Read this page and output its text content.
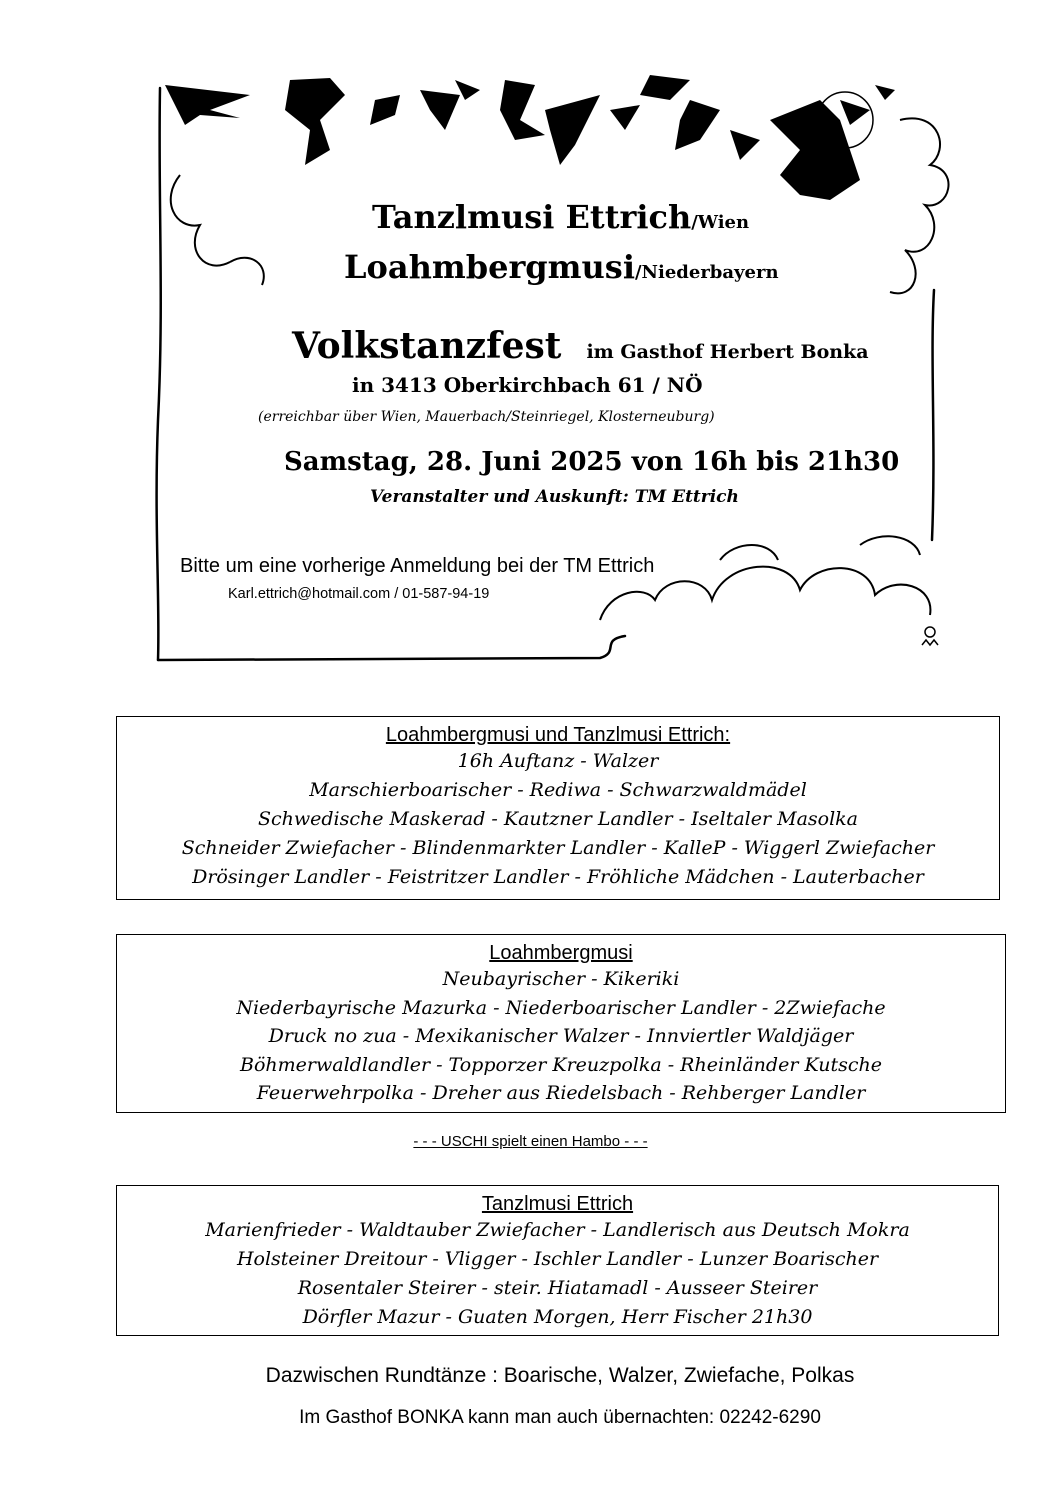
Tanzlmusi Ettrich/Wien
Loahmbergmusi/Niederbayern
Volkstanzfest im Gasthof Herbert Bonka
in 3413 Oberkirchbach 61 / NÖ
(erreichbar über Wien, Mauerbach/Steinriegel, Klosterneuburg)
Samstag, 28. Juni 2025 von 16h bis 21h30
Veranstalter und Auskunft: TM Ettrich
Bitte um eine vorherige Anmeldung bei der TM Ettrich
Karl.ettrich@hotmail.com / 01-587-94-19
Loahmbergmusi und Tanzlmusi Ettrich:
16h Auftanz - Walzer
Marschierboarischer - Rediwa - Schwarzwaldmädel
Schwedische Maskerad - Kautzner Landler - Iseltaler Masolka
Schneider Zwiefacher - Blindenmarkter Landler - KalleP - Wiggerl Zwiefacher
Drösinger Landler - Feistritzer Landler - Fröhliche Mädchen - Lauterbacher
Loahmbergmusi
Neubayrischer - Kikeriki
Niederbayrische Mazurka - Niederboarischer Landler - 2Zwiefache
Druck no zua - Mexikanischer Walzer - Innviertler Waldjäger
Böhmerwaldlandler - Topporzer Kreuzpolka - Rheinländer Kutsche
Feuerwehrpolka - Dreher aus Riedelsbach - Rehberger Landler
- - - USCHI spielt einen Hambo - - -
Tanzlmusi Ettrich
Marienfrieder - Waldtauber Zwiefacher - Landlerisch aus Deutsch Mokra
Holsteiner Dreitour - Vligger - Ischler Landler - Lunzer Boarischer
Rosentaler Steirer - steir. Hiatamadl - Ausseer Steirer
Dörfler Mazur - Guaten Morgen, Herr Fischer 21h30
Dazwischen Rundtänze : Boarische, Walzer, Zwiefache, Polkas
Im Gasthof BONKA kann man auch übernachten: 02242-6290
